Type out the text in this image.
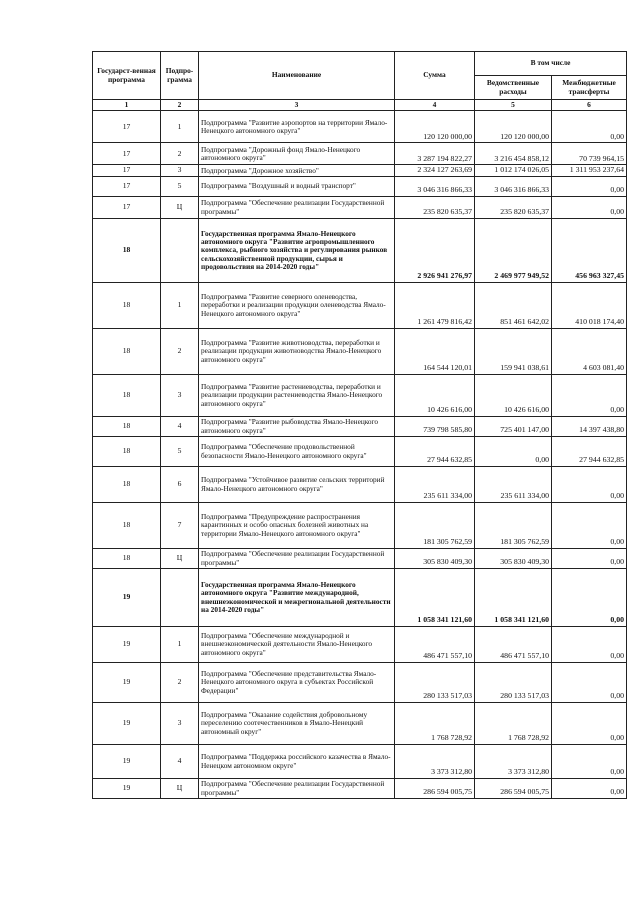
Государст-венная программа	Подпро-грамма	Наименование	Сумма	В том числе	
				Ведомственные расходы	Межбюджетные трансферты
1	2	3	4	5	6
17	1	Подпрограмма "Развитие аэропортов на территории Ямало-Ненецкого автономного округа"	120 120 000,00	120 120 000,00	0,00
17	2	Подпрограмма "Дорожный фонд Ямало-Ненецкого автономного округа"	3 287 194 822,27	3 216 454 858,12	70 739 964,15
17	3	Подпрограмма "Дорожное хозяйство"	2 324 127 263,69	1 012 174 026,05	1 311 953 237,64
17	5	Подпрограмма "Воздушный и водный транспорт"	3 046 316 866,33	3 046 316 866,33	0,00
17	Ц	Подпрограмма "Обеспечение реализации Государственной программы"	235 820 635,37	235 820 635,37	0,00
18		Государственная программа Ямало-Ненецкого автономного округа "Развитие агропромышленного комплекса, рыбного хозяйства и регулирования рынков сельскохозяйственной продукции, сырья и продовольствия на 2014-2020 годы"	2 926 941 276,97	2 469 977 949,52	456 963 327,45
18	1	Подпрограмма "Развитие северного оленеводства, переработки и реализации продукции оленеводства Ямало-Ненецкого автономного округа"	1 261 479 816,42	851 461 642,02	410 018 174,40
18	2	Подпрограмма "Развитие животноводства, переработки и реализации продукции животноводства Ямало-Ненецкого автономного округа"	164 544 120,01	159 941 038,61	4 603 081,40
18	3	Подпрограмма "Развитие растениеводства, переработки и реализации продукции растениеводства Ямало-Ненецкого автономного округа"	10 426 616,00	10 426 616,00	0,00
18	4	Подпрограмма "Развитие рыбоводства Ямало-Ненецкого автономного округа"	739 798 585,80	725 401 147,00	14 397 438,80
18	5	Подпрограмма "Обеспечение продовольственной безопасности Ямало-Ненецкого автономного округа"	27 944 632,85	0,00	27 944 632,85
18	6	Подпрограмма "Устойчивое развитие сельских территорий Ямало-Ненецкого автономного округа"	235 611 334,00	235 611 334,00	0,00
18	7	Подпрограмма "Предупреждение распространения карантинных и особо опасных болезней животных на территории Ямало-Ненецкого автономного округа"	181 305 762,59	181 305 762,59	0,00
18	Ц	Подпрограмма "Обеспечение реализации Государственной программы"	305 830 409,30	305 830 409,30	0,00
19		Государственная программа Ямало-Ненецкого автономного округа "Развитие международной, внешнеэкономической и межрегиональной деятельности на 2014-2020 годы"	1 058 341 121,60	1 058 341 121,60	0,00
19	1	Подпрограмма "Обеспечение международной и внешнеэкономической деятельности Ямало-Ненецкого автономного округа"	486 471 557,10	486 471 557,10	0,00
19	2	Подпрограмма "Обеспечение представительства Ямало-Ненецкого автономного округа в субъектах Российской Федерации"	280 133 517,03	280 133 517,03	0,00
19	3	Подпрограмма "Оказание содействия добровольному переселению соотечественников в Ямало-Ненецкий автономный округ"	1 768 728,92	1 768 728,92	0,00
19	4	Подпрограмма "Поддержка российского казачества в Ямало-Ненецком автономном округе"	3 373 312,80	3 373 312,80	0,00
19	Ц	Подпрограмма "Обеспечение реализации Государственной программы"	286 594 005,75	286 594 005,75	0,00
